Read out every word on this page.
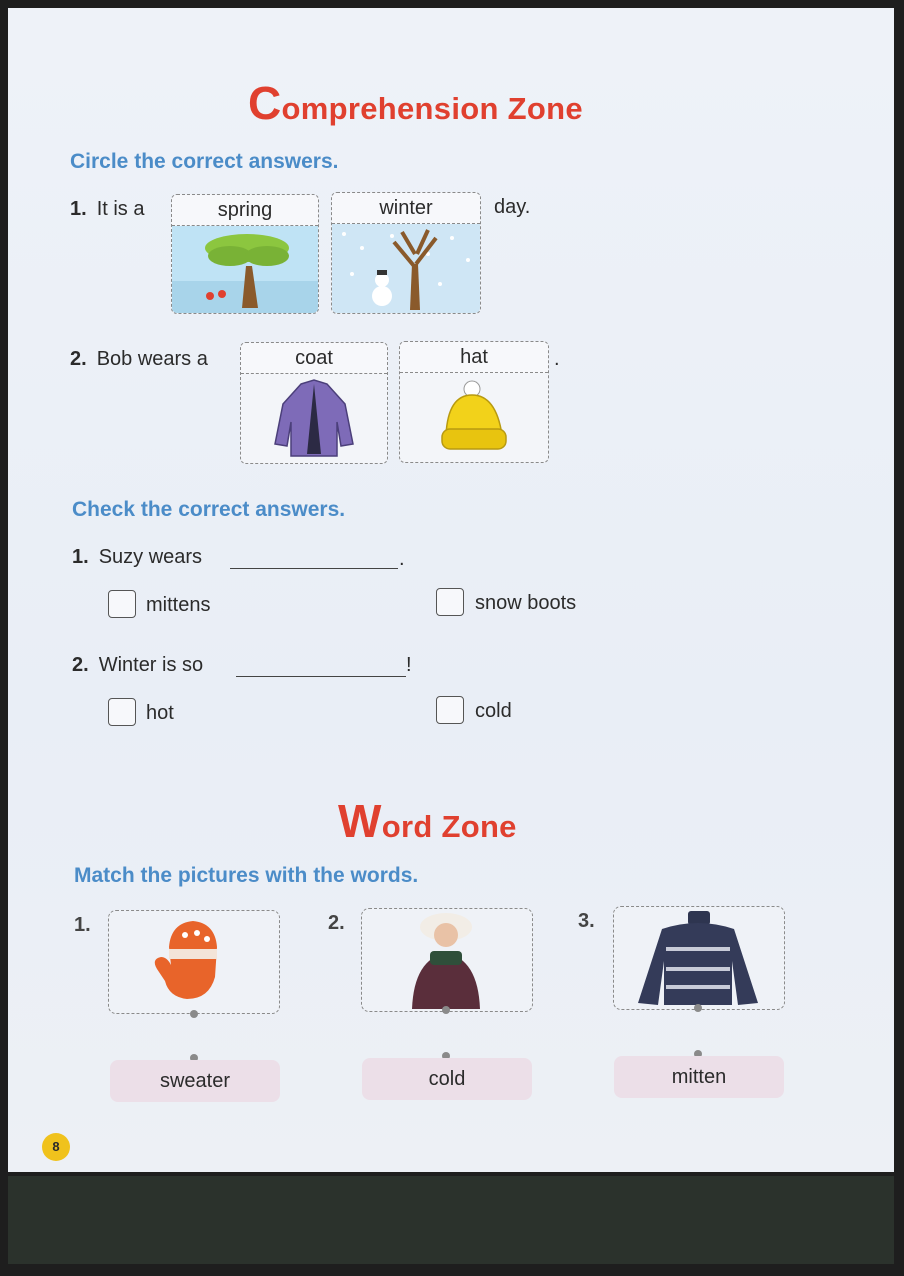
Comprehension Zone
Circle the correct answers.
1. It is a	spring	winter	day.
2. Bob wears a	coat	hat	.
Check the correct answers.
1. Suzy wears	.
mittens	snow boots
2. Winter is so	!
hot	cold
Word Zone
Match the pictures with the words.
1.	2.	3.
sweater	cold	mitten
8
